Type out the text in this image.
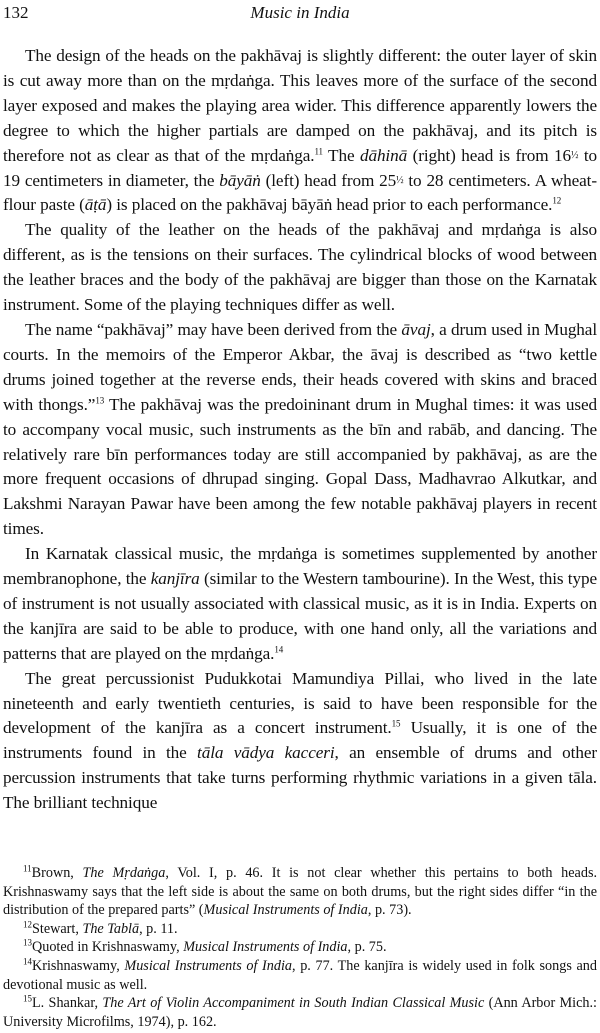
132	Music in India

The design of the heads on the pakhāvaj is slightly different: the outer layer of skin is cut away more than on the mṛdaṅga. This leaves more of the surface of the second layer exposed and makes the playing area wider. This difference apparently lowers the degree to which the higher partials are damped on the pakhāvaj, and its pitch is therefore not as clear as that of the mṛdaṅga.$^{11}$ The dāhinā (right) head is from 16½ to 19 centimeters in diameter, the bāyāṅ (left) head from 25½ to 28 centimeters. A wheat-flour paste (āṭā) is placed on the pakhāvaj bāyāṅ head prior to each performance.$^{12}$

The quality of the leather on the heads of the pakhāvaj and mṛdaṅga is also different, as is the tensions on their surfaces. The cylindrical blocks of wood between the leather braces and the body of the pakhāvaj are bigger than those on the Karnatak instrument. Some of the playing techniques differ as well.

The name “pakhāvaj” may have been derived from the āvaj, a drum used in Mughal courts. In the memoirs of the Emperor Akbar, the āvaj is described as “two kettle drums joined together at the reverse ends, their heads covered with skins and braced with thongs.”$^{13}$ The pakhāvaj was the predoininant drum in Mughal times: it was used to accompany vocal music, such instruments as the bīn and rabāb, and dancing. The relatively rare bīn performances today are still accompanied by pakhāvaj, as are the more frequent occasions of dhrupad singing. Gopal Dass, Madhavrao Alkutkar, and Lakshmi Narayan Pawar have been among the few notable pakhāvaj players in recent times.

In Karnatak classical music, the mṛdaṅga is sometimes supplemented by another membranophone, the kanjīra (similar to the Western tambourine). In the West, this type of instrument is not usually associated with classical music, as it is in India. Experts on the kanjīra are said to be able to produce, with one hand only, all the variations and patterns that are played on the mṛdaṅga.$^{14}$

The great percussionist Pudukkotai Mamundiya Pillai, who lived in the late nineteenth and early twentieth centuries, is said to have been responsible for the development of the kanjīra as a concert instrument.$^{15}$ Usually, it is one of the instruments found in the tāla vādya kacceri, an ensemble of drums and other percussion instruments that take turns performing rhythmic variations in a given tāla. The brilliant technique

$^{11}$Brown, The Mṛdaṅga, Vol. I, p. 46. It is not clear whether this pertains to both heads. Krishnaswamy says that the left side is about the same on both drums, but the right sides differ “in the distribution of the prepared parts” (Musical Instruments of India, p. 73).

$^{12}$Stewart, The Tablā, p. 11.

$^{13}$Quoted in Krishnaswamy, Musical Instruments of India, p. 75.

$^{14}$Krishnaswamy, Musical Instruments of India, p. 77. The kanjīra is widely used in folk songs and devotional music as well.

$^{15}$L. Shankar, The Art of Violin Accompaniment in South Indian Classical Music (Ann Arbor Mich.: University Microfilms, 1974), p. 162.
